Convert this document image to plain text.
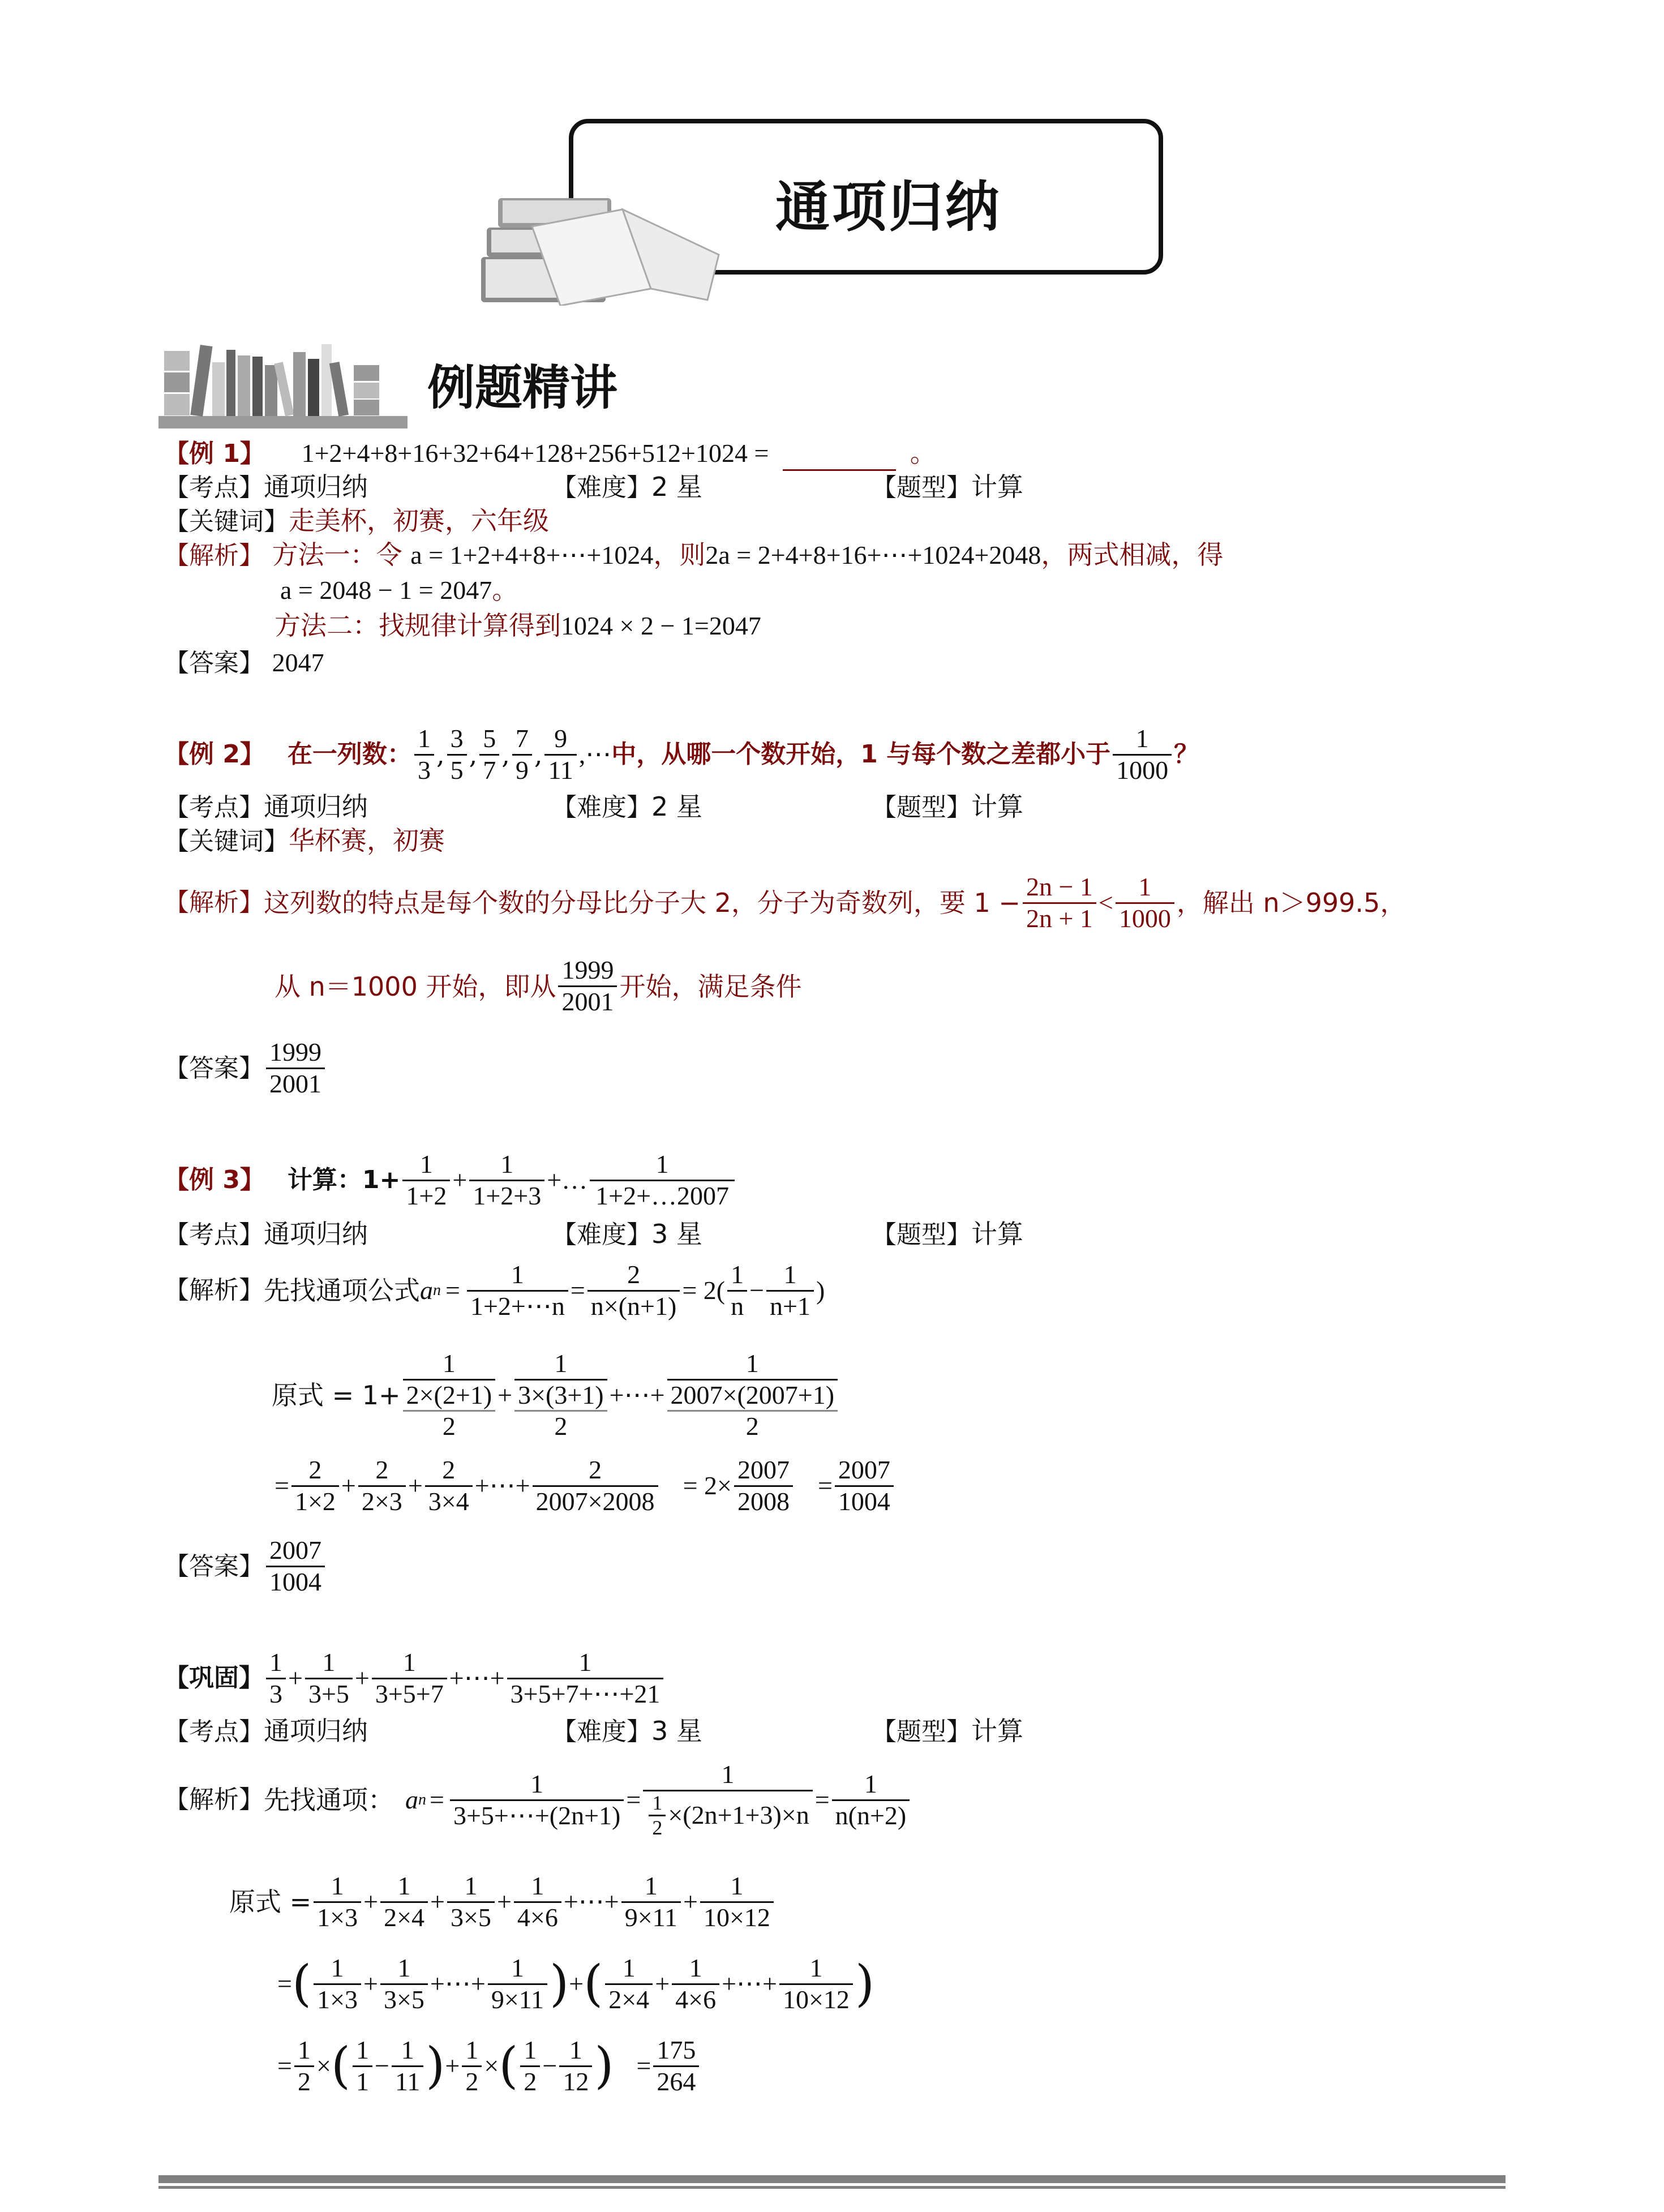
通项归纳
例题精讲
【例 1】 1+2+4+8+16+32+64+128+256+512+1024 =	。
【考点】通项归纳	【难度】2 星	【题型】计算
【关键词】走美杯，初赛，六年级
【解析】 方法一：令 a = 1+2+4+8+⋯+1024，则2a = 2+4+8+16+⋯+1024+2048，两式相减，得
a = 2048 − 1 = 2047。
方法二：找规律计算得到1024 × 2 − 1=2047
【答案】 2047
【例 2】 在一列数： $\frac{1}{3}$ , $\frac{3}{5}$ , $\frac{5}{7}$ , $\frac{7}{9}$ , $\frac{9}{11}$ ,⋯ 中，从哪一个数开始，1 与每个数之差都小于 $\frac{1}{1000}$ ？
【考点】通项归纳	【难度】2 星	【题型】计算
【关键词】华杯赛，初赛
【解析】 这列数的特点是每个数的分母比分子大 2，分子为奇数列，要 $1 - \frac{2n - 1}{2n + 1} < \frac{1}{1000}$ ，解出 n＞999.5，
从 n＝1000 开始，即从 $\frac{1999}{2001}$ 开始，满足条件
【答案】 $\frac{1999}{2001}$
【例 3】 计算：$1+ \frac{1}{1+2} + \frac{1}{1+2+3}$ +… $\frac{1}{1+2+\dots 2007}$
【考点】通项归纳	【难度】3 星	【题型】计算
【解析】 先找通项公式 a $n = \frac{1}{1+2+\cdots n} = \frac{2}{n\times(n+1)} = 2( \frac{1}{n} - \frac{1}{n+1}$ )
原式 = 1+
1
2×(2+1)
2
+
1
3×(3+1)
2
+⋯+
1
2007×(2007+1)
2
= $\frac{2}{1\times 2} + \frac{2}{2\times 3} + \frac{2}{3\times 4}$ +⋯+ $\frac{2}{2007\times 2008} = 2\times \frac{2007}{2008} = \frac{2007}{1004}$
【答案】 $\frac{2007}{1004}$
【巩固】 $\frac{1}{3} + \frac{1}{3+5} + \frac{1}{3+5+7}$ +⋯+ $\frac{1}{3+5+7+\cdots+21}$
【考点】通项归纳	【难度】3 星	【题型】计算
【解析】 先找通项： a $n = \frac{1}{3+5+\cdots+(2n+1)} = \frac{1}{\frac{1}{2} \times(2n+1+3)\times n} = \frac{1}{n(n+2)}$
原式 = $\frac{1}{1\times 3} + \frac{1}{2\times 4} + \frac{1}{3\times 5} + \frac{1}{4\times 6}$ +⋯+ $\frac{1}{9\times 11} + \frac{1}{10\times 12}$
= ( $\frac{1}{1\times 3} + \frac{1}{3\times 5}$ +⋯+ $\frac{1}{9\times 11}$ ) + ( $\frac{1}{2\times 4} + \frac{1}{4\times 6}$ +⋯+ $\frac{1}{10\times 12}$ )
= $\frac{1}{2}$ × ( $\frac{1}{1} - \frac{1}{11}$ ) + $\frac{1}{2}$ × ( $\frac{1}{2} - \frac{1}{12}$ ) = $\frac{175}{264}$
